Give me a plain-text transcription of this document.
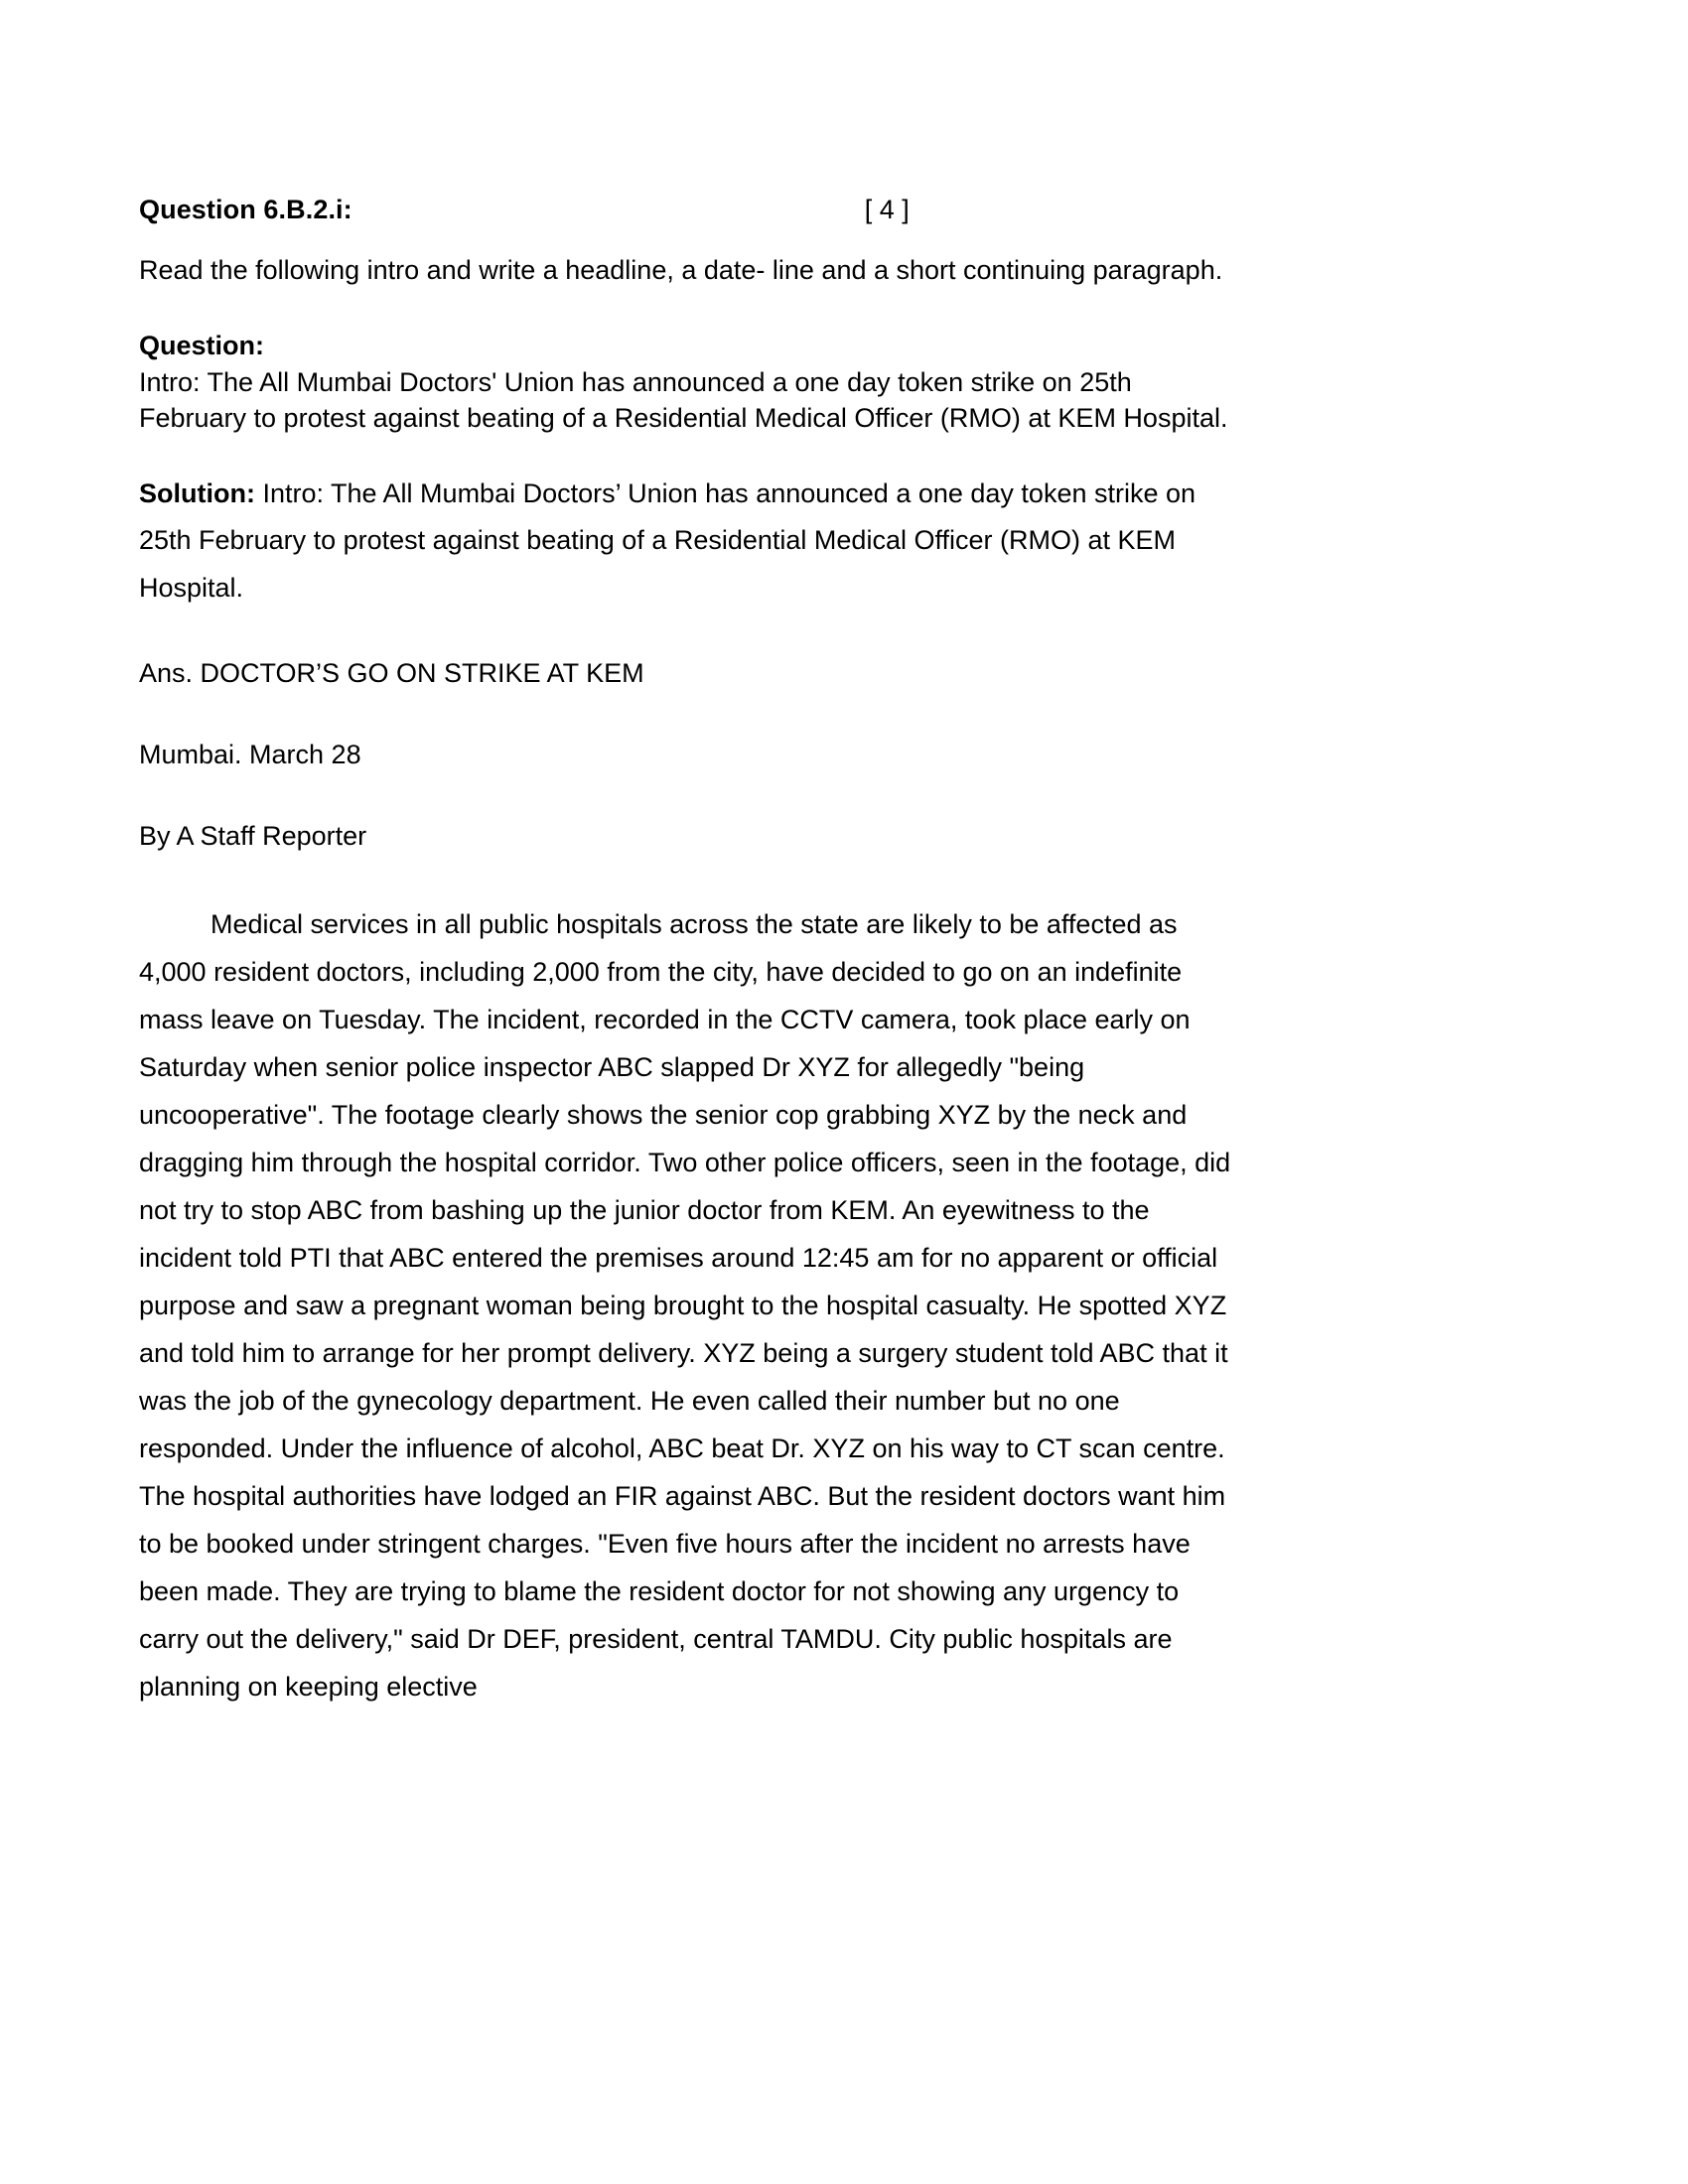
Question 6.B.2.i:	[ 4 ]
Read the following intro and write a headline, a date- line and a short continuing paragraph.
Question:
Intro: The All Mumbai Doctors' Union has announced a one day token strike on 25th February to protest against beating of a Residential Medical Officer (RMO) at KEM Hospital.
Solution: Intro: The All Mumbai Doctors’ Union has announced a one day token strike on 25th February to protest against beating of a Residential Medical Officer (RMO) at KEM Hospital.
Ans. DOCTOR’S GO ON STRIKE AT KEM
Mumbai. March 28
By A Staff Reporter
Medical services in all public hospitals across the state are likely to be affected as 4,000 resident doctors, including 2,000 from the city, have decided to go on an indefinite mass leave on Tuesday. The incident, recorded in the CCTV camera, took place early on Saturday when senior police inspector ABC slapped Dr XYZ for allegedly "being uncooperative". The footage clearly shows the senior cop grabbing XYZ by the neck and dragging him through the hospital corridor. Two other police officers, seen in the footage, did not try to stop ABC from bashing up the junior doctor from KEM. An eyewitness to the incident told PTI that ABC entered the premises around 12:45 am for no apparent or official purpose and saw a pregnant woman being brought to the hospital casualty. He spotted XYZ and told him to arrange for her prompt delivery. XYZ being a surgery student told ABC that it was the job of the gynecology department. He even called their number but no one responded. Under the influence of alcohol, ABC beat Dr. XYZ on his way to CT scan centre. The hospital authorities have lodged an FIR against ABC. But the resident doctors want him to be booked under stringent charges. "Even five hours after the incident no arrests have been made. They are trying to blame the resident doctor for not showing any urgency to carry out the delivery," said Dr DEF, president, central TAMDU. City public hospitals are planning on keeping elective
